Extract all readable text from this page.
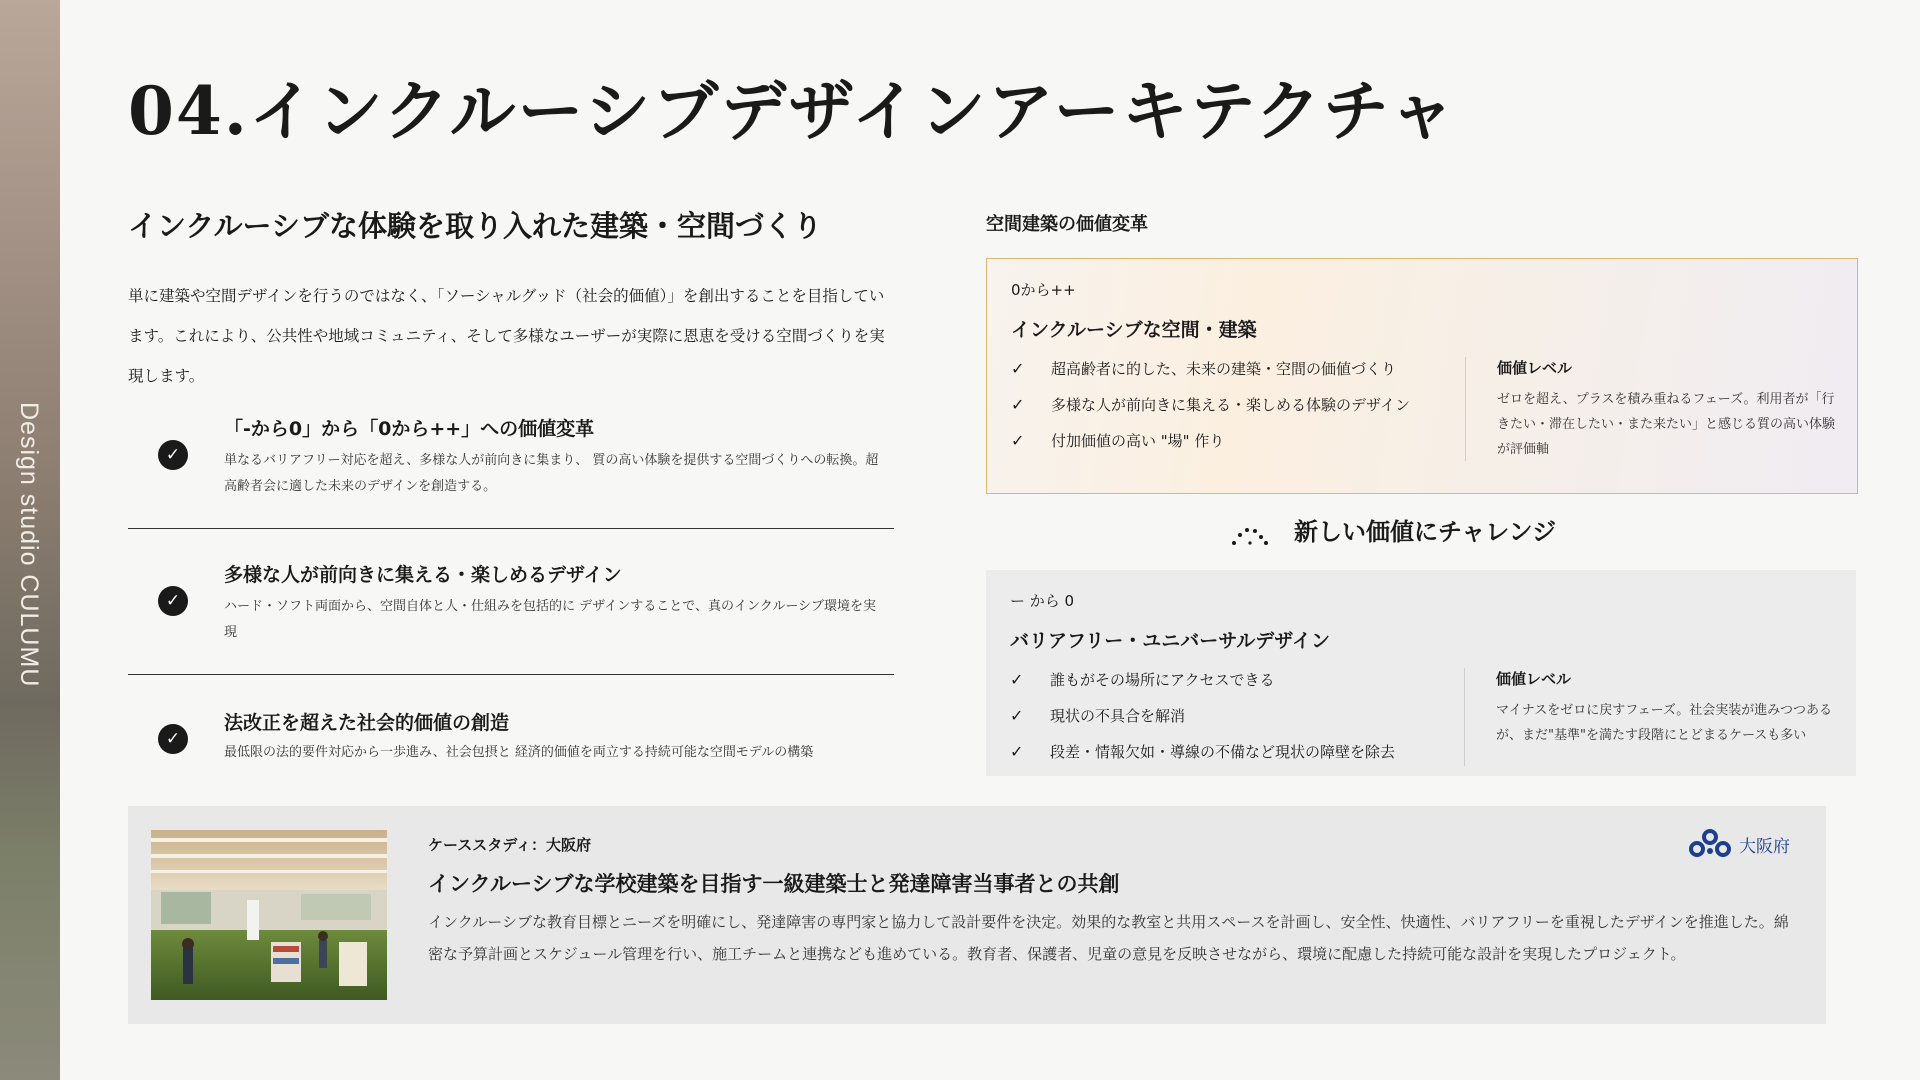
Design studio CULUMU
04.インクルーシブデザインアーキテクチャ
インクルーシブな体験を取り入れた建築・空間づくり

単に建築や空間デザインを行うのではなく、「ソーシャルグッド（社会的価値）」を創出することを目指しています。これにより、公共性や地域コミュニティ、そして多様なユーザーが実際に恩恵を受ける空間づくりを実現します。

✓
「-から0」から「0から++」への価値変革
単なるバリアフリー対応を超え、多様な人が前向きに集まり、 質の高い体験を提供する空間づくりへの転換。超高齢者会に適した未来のデザインを創造する。
✓
多様な人が前向きに集える・楽しめるデザイン
ハード・ソフト両面から、空間自体と人・仕組みを包括的に デザインすることで、真のインクルーシブ環境を実現
✓
法改正を超えた社会的価値の創造
最低限の法的要件対応から一歩進み、社会包摂と 経済的価値を両立する持続可能な空間モデルの構築
空間建築の価値変革
0から++
インクルーシブな空間・建築
✓ 超高齢者に的した、未来の建築・空間の価値づくり
✓ 多様な人が前向きに集える・楽しめる体験のデザイン
✓ 付加価値の高い "場" 作り
価値レベル
ゼロを超え、プラスを積み重ねるフェーズ。利用者が「行きたい・滞在したい・また来たい」と感じる質の高い体験が評価軸
新しい価値にチャレンジ
ー から 0
バリアフリー・ユニバーサルデザイン
✓ 誰もがその場所にアクセスできる
✓ 現状の不具合を解消
✓ 段差・情報欠如・導線の不備など現状の障壁を除去
価値レベル
マイナスをゼロに戻すフェーズ。社会実装が進みつつあるが、まだ"基準"を満たす段階にとどまるケースも多い
ケーススタディ：大阪府
インクルーシブな学校建築を目指す一級建築士と発達障害当事者との共創

インクルーシブな教育目標とニーズを明確にし、発達障害の専門家と協力して設計要件を決定。効果的な教室と共用スペースを計画し、安全性、快適性、バリアフリーを重視したデザインを推進した。綿密な予算計画とスケジュール管理を行い、施工チームと連携なども進めている。教育者、保護者、児童の意見を反映させながら、環境に配慮した持続可能な設計を実現したプロジェクト。

大阪府
